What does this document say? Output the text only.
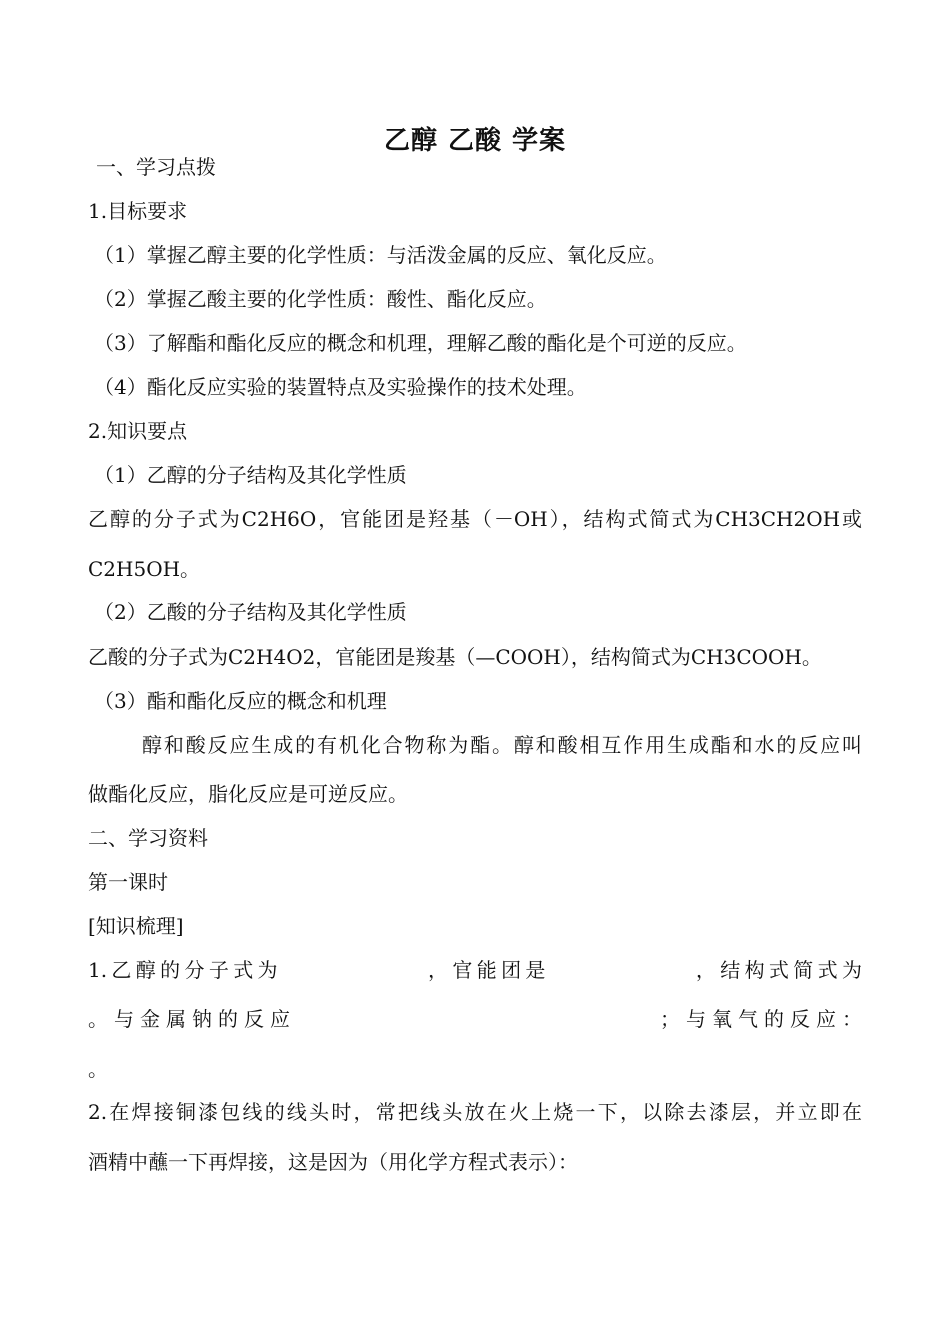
乙醇 乙酸 学案
一、学习点拨
1.目标要求
（1）掌握乙醇主要的化学性质：与活泼金属的反应、氧化反应。
（2）掌握乙酸主要的化学性质：酸性、酯化反应。
（3）了解酯和酯化反应的概念和机理，理解乙酸的酯化是个可逆的反应。
（4）酯化反应实验的装置特点及实验操作的技术处理。
2.知识要点
（1）乙醇的分子结构及其化学性质
乙醇的分子式为C2H6O，官能团是羟基（－OH），结构式简式为CH3CH2OH或
C2H5OH。
（2）乙酸的分子结构及其化学性质
乙酸的分子式为C2H4O2，官能团是羧基（—COOH），结构简式为CH3COOH。
（3）酯和酯化反应的概念和机理
醇和酸反应生成的有机化合物称为酯。醇和酸相互作用生成酯和水的反应叫
做酯化反应，脂化反应是可逆反应。
二、学习资料
第一课时
[知识梳理]
1.乙醇的分子式为　　　　　　，官能团是　　　　　　，结构式简式为
。与金属钠的反应　　　　　　　　　　　　　　；与氧气的反应：
。
2.在焊接铜漆包线的线头时，常把线头放在火上烧一下，以除去漆层，并立即在
酒精中蘸一下再焊接，这是因为（用化学方程式表示）：
